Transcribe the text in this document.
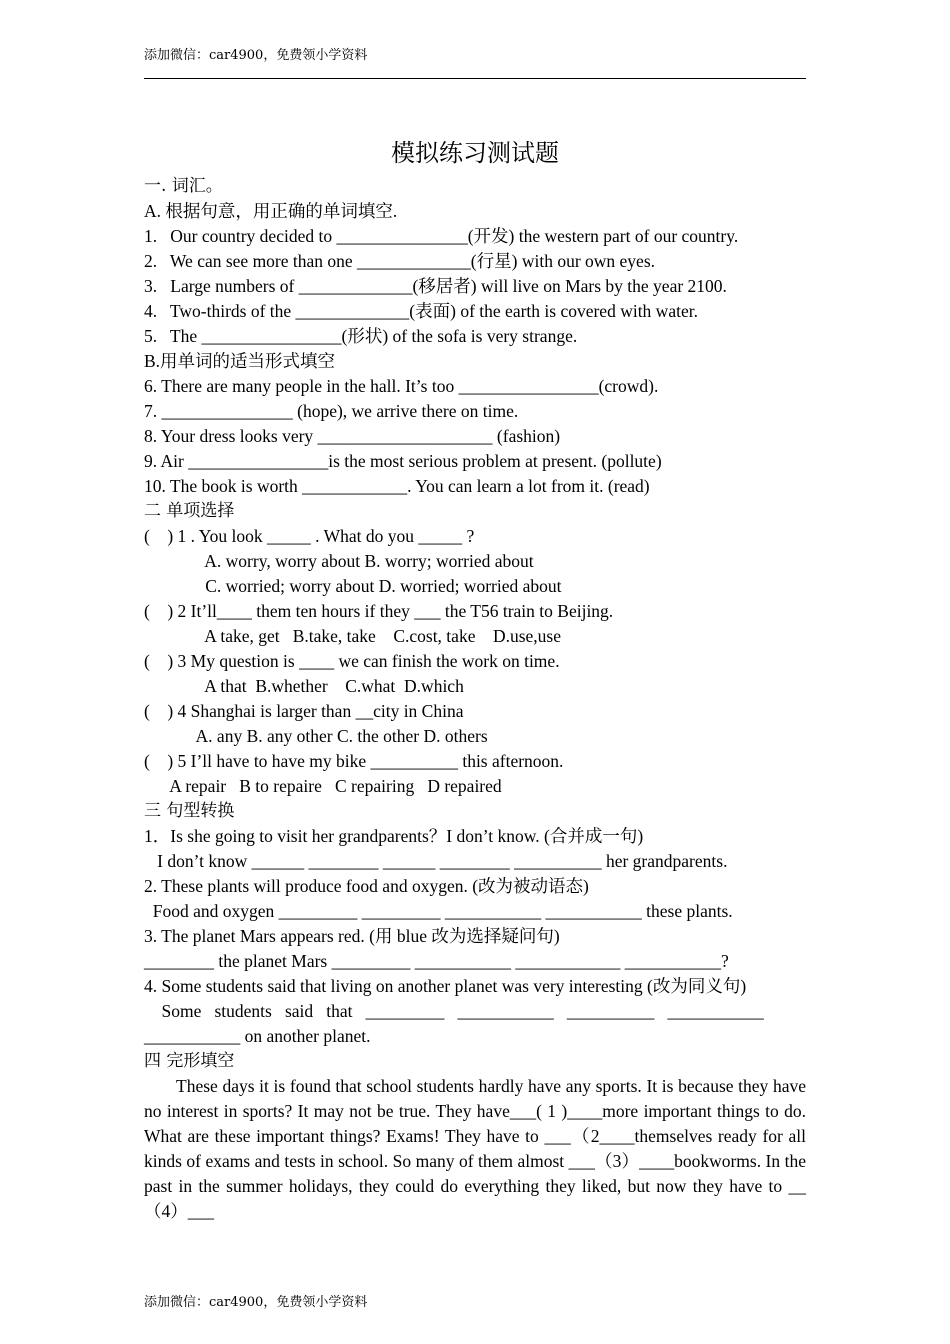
添加微信：car4900，免费领小学资料
模拟练习测试题
一. 词汇。
A. 根据句意，用正确的单词填空.
1.   Our country decided to _______________(开发) the western part of our country.
2.   We can see more than one _____________(行星) with our own eyes.
3.   Large numbers of _____________(移居者) will live on Mars by the year 2100.
4.   Two-thirds of the _____________(表面) of the earth is covered with water.
5.   The ________________(形状) of the sofa is very strange.
B.用单词的适当形式填空
6. There are many people in the hall. It’s too ________________(crowd).
7. _______________ (hope), we arrive there on time.
8. Your dress looks very ____________________ (fashion)
9. Air ________________is the most serious problem at present. (pollute)
10. The book is worth ____________. You can learn a lot from it. (read)
二 单项选择
(    ) 1 . You look _____ . What do you _____ ?
A. worry, worry about B. worry; worried about
C. worried; worry about D. worried; worried about
(    ) 2 It’ll____ them ten hours if they ___ the T56 train to Beijing.
A take, get   B.take, take    C.cost, take    D.use,use
(    ) 3 My question is ____ we can finish the work on time.
A that  B.whether    C.what  D.which
(    ) 4 Shanghai is larger than __city in China
A. any B. any other C. the other D. others
(    ) 5 I’ll have to have my bike __________ this afternoon.
A repair   B to repaire   C repairing   D repaired
三 句型转换
1．Is she going to visit her grandparents？I don’t know. (合并成一句)
I don’t know ______ ________ ______ ________ __________ her grandparents.
2. These plants will produce food and oxygen. (改为被动语态)
Food and oxygen _________ _________ ___________ ___________ these plants.
3. The planet Mars appears red. (用 blue 改为选择疑问句)
________ the planet Mars _________ ___________ ____________ ___________?
4. Some students said that living on another planet was very interesting (改为同义句)
Some   students   said   that   _________   ___________   __________   ___________
___________ on another planet.
四 完形填空
These days it is found that school students hardly have any sports. It is because they have no interest in sports? It may not be true. They have___( 1 )____more important things to do. What are these important things? Exams! They have to ___（2____themselves ready for all kinds of exams and tests in school. So many of them almost ___（3）____bookworms. In the past in the summer holidays, they could do everything they liked, but now they have to __（4）___
添加微信：car4900，免费领小学资料
